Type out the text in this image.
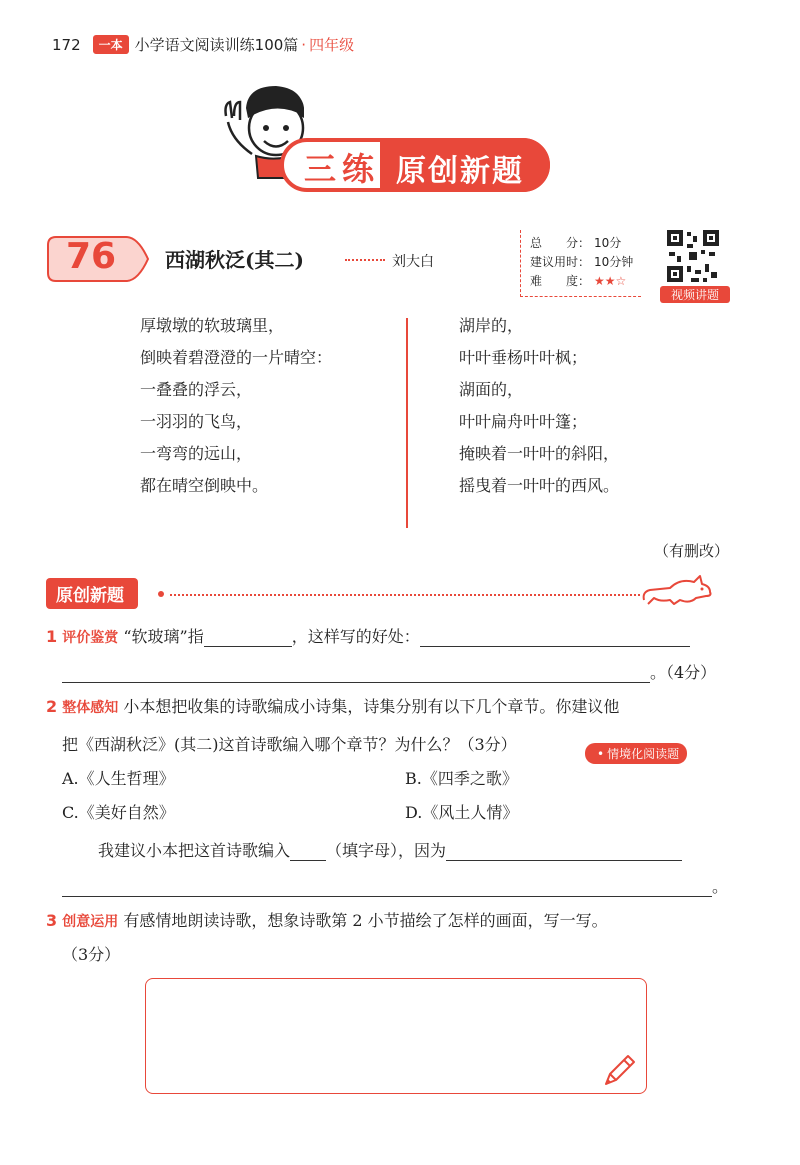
172	一本 小学语文阅读训练100篇 · 四年级
三练 原创新题
76	西湖秋泛(其二)	刘大白
总　　分： 10分
建议用时： 10分钟
难　　度： ★★☆
视频讲题
厚墩墩的软玻璃里，
倒映着碧澄澄的一片晴空：
一叠叠的浮云，
一羽羽的飞鸟，
一弯弯的远山，
都在晴空倒映中。
湖岸的，
叶叶垂杨叶叶枫；
湖面的，
叶叶扁舟叶叶篷；
掩映着一叶叶的斜阳，
摇曳着一叶叶的西风。
（有删改）
原创新题
1 评价鉴赏 “软玻璃”指	，这样写的好处：
。（4分）
2 整体感知 小本想把收集的诗歌编成小诗集，诗集分别有以下几个章节。你建议他
把《西湖秋泛》(其二)这首诗歌编入哪个章节？为什么？（3分）
•	情境化阅读题
A.《人生哲理》	B.《四季之歌》
C.《美好自然》	D.《风土人情》
我建议小本把这首诗歌编入 （填字母），因为
。
3 创意运用 有感情地朗读诗歌，想象诗歌第 2 小节描绘了怎样的画面，写一写。
（3分）
